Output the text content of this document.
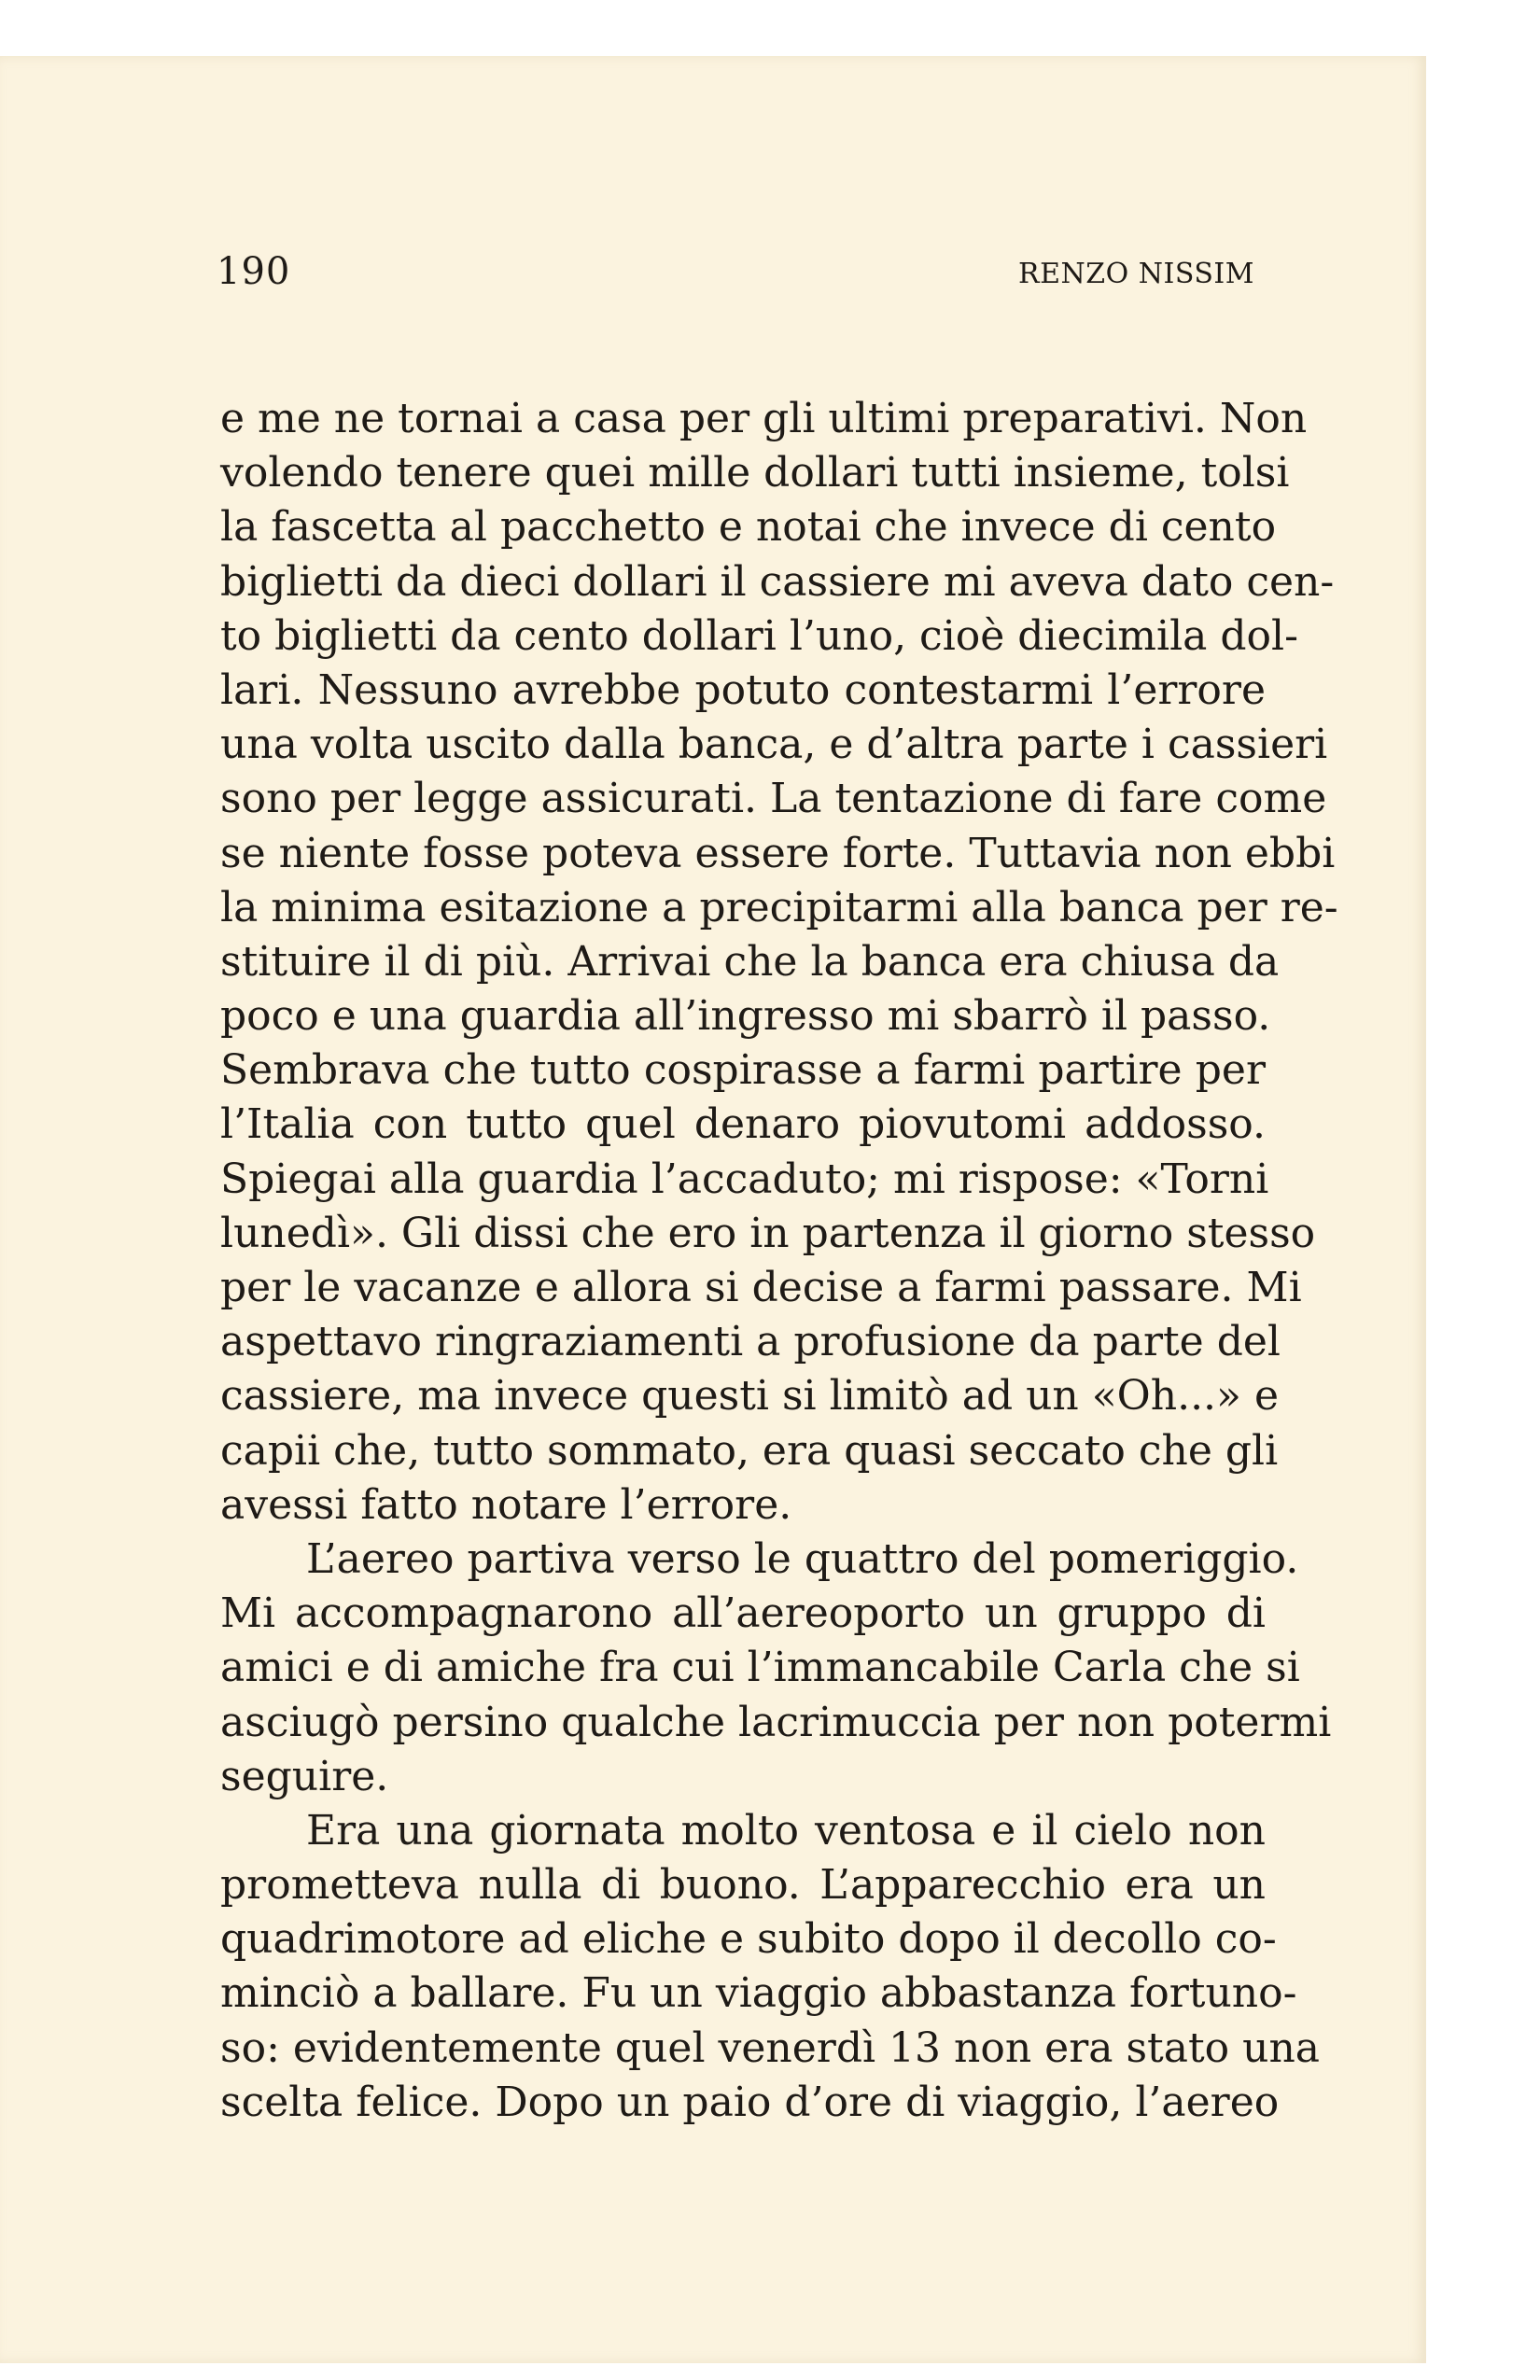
190	RENZO NISSIM
e me ne tornai a casa per gli ultimi preparativi. Non
volendo tenere quei mille dollari tutti insieme, tolsi
la fascetta al pacchetto e notai che invece di cento
biglietti da dieci dollari il cassiere mi aveva dato cen-
to biglietti da cento dollari l’uno, cioè diecimila dol-
lari. Nessuno avrebbe potuto contestarmi l’errore
una volta uscito dalla banca, e d’altra parte i cassieri
sono per legge assicurati. La tentazione di fare come
se niente fosse poteva essere forte. Tuttavia non ebbi
la minima esitazione a precipitarmi alla banca per re-
stituire il di più. Arrivai che la banca era chiusa da
poco e una guardia all’ingresso mi sbarrò il passo.
Sembrava che tutto cospirasse a farmi partire per
l’Italia con tutto quel denaro piovutomi addosso.
Spiegai alla guardia l’accaduto; mi rispose: «Torni
lunedì». Gli dissi che ero in partenza il giorno stesso
per le vacanze e allora si decise a farmi passare. Mi
aspettavo ringraziamenti a profusione da parte del
cassiere, ma invece questi si limitò ad un «Oh...» e
capii che, tutto sommato, era quasi seccato che gli
avessi fatto notare l’errore.
L’aereo partiva verso le quattro del pomeriggio.
Mi accompagnarono all’aereoporto un gruppo di
amici e di amiche fra cui l’immancabile Carla che si
asciugò persino qualche lacrimuccia per non potermi
seguire.
Era una giornata molto ventosa e il cielo non
prometteva nulla di buono. L’apparecchio era un
quadrimotore ad eliche e subito dopo il decollo co-
minciò a ballare. Fu un viaggio abbastanza fortuno-
so: evidentemente quel venerdì 13 non era stato una
scelta felice. Dopo un paio d’ore di viaggio, l’aereo
